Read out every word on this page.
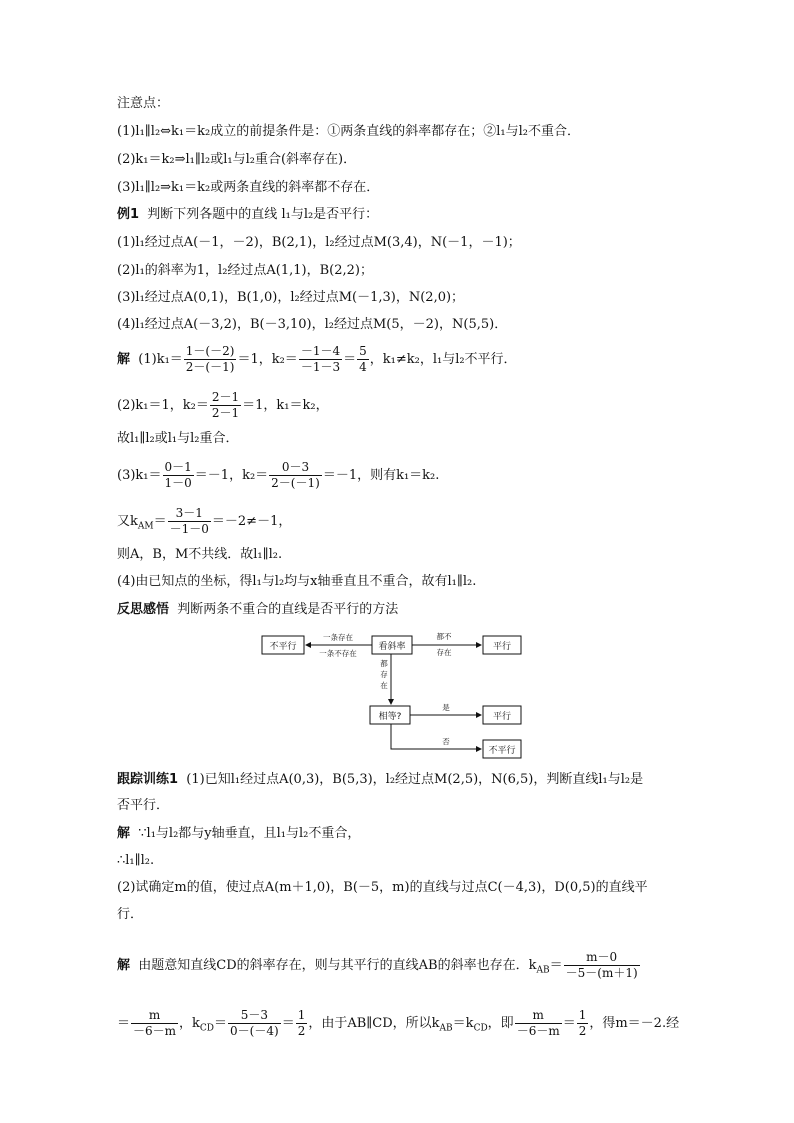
注意点：
(1)l₁∥l₂⇔k₁＝k₂成立的前提条件是：①两条直线的斜率都存在；②l₁与l₂不重合．
(2)k₁＝k₂⇒l₁∥l₂或l₁与l₂重合(斜率存在)．
(3)l₁∥l₂⇒k₁＝k₂或两条直线的斜率都不存在．
例1  判断下列各题中的直线 l₁与l₂是否平行：
(1)l₁经过点A(－1，－2)，B(2,1)，l₂经过点M(3,4)，N(－1，－1)；
(2)l₁的斜率为1，l₂经过点A(1,1)，B(2,2)；
(3)l₁经过点A(0,1)，B(1,0)，l₂经过点M(－1,3)，N(2,0)；
(4)l₁经过点A(－3,2)，B(－3,10)，l₂经过点M(5，－2)，N(5,5)．
解  $(1)k_1= \frac{1-(-2)}{2-(-1)} =1$，$k_2= \frac{-1-4}{-1-3} = \frac{5}{4}$ ，k₁≠k₂，l₁与l₂不平行．
(2)k₁＝1，$k_2= \frac{2-1}{2-1} =1$，k₁＝k₂，
故l₁∥l₂或l₁与l₂重合．
$(3)k_1= \frac{0-1}{1-0} =-1$，$k_2= \frac{0-3}{2-(-1)} =-1$，则有k₁＝k₂.
又$k_{AM}= \frac{3-1}{-1-0} =-2\ne-1$，
则A，B，M不共线．故l₁∥l₂.
(4)由已知点的坐标，得l₁与l₂均与x轴垂直且不重合，故有l₁∥l₂.
反思感悟  判断两条不重合的直线是否平行的方法
不平行	看斜率	平行
一条存在
一条不存在
都不
存在
都
存
在
相等?
是
平行
否
不平行
跟踪训练1  (1)已知l₁经过点A(0,3)，B(5,3)，l₂经过点M(2,5)，N(6,5)，判断直线l₁与l₂是
否平行．
解  ∵l₁与l₂都与y轴垂直，且l₁与l₂不重合，
∴l₁∥l₂.
(2)试确定m的值，使过点A(m＋1,0)，B(－5，m)的直线与过点C(－4,3)，D(0,5)的直线平
行．
解  由题意知直线CD的斜率存在，则与其平行的直线AB的斜率也存在．$k_{AB}= \frac{m-0}{-5-(m+1)}$
＝ $\frac{m}{-6-m}$ ，$k_{CD}= \frac{5-3}{0-(-4)} = \frac{1}{2}$ ，由于AB∥CD，所以$k_{AB}=k_{CD}$，即 $\frac{m}{-6-m} = \frac{1}{2}$ ，得m＝－2.经
